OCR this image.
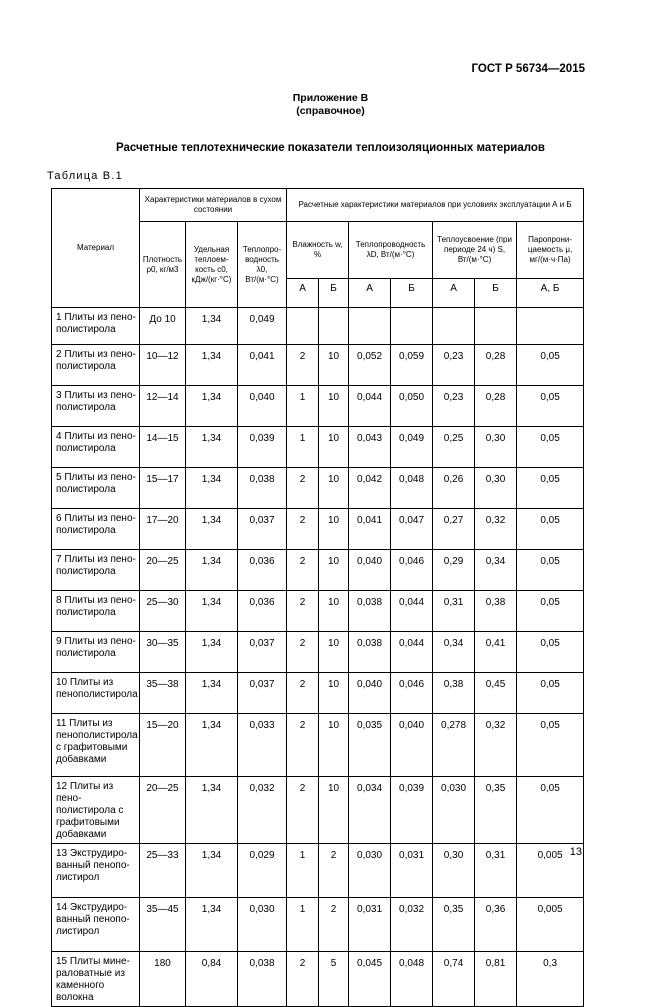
ГОСТ Р 56734—2015
Приложение В
(справочное)
Расчетные теплотехнические показатели теплоизоляционных материалов
Таблица В.1
Материал	Характеристики материалов в сухом состоянии			Расчетные характеристики материалов при условиях эксплуатации А и Б						
	Плотность ρ0, кг/м3	Удельная теплоемкость c0, кДж/(кг·°С)	Теплопроводность λ0, Вт/(м·°С)	Влажность w, %		Теплопроводность λD, Вт/(м·°С)		Теплоусвоение (при периоде 24 ч) S, Вт/(м·°С)		Паропроницаемость μ, мг/(м·ч·Па)
				А	Б	А	Б	А	Б	А, Б
1 Плиты из пенополистирола	До 10	1,34	0,049							
2 Плиты из пенополистирола	10—12	1,34	0,041	2	10	0,052	0,059	0,23	0,28	0,05
3 Плиты из пенополистирола	12—14	1,34	0,040	1	10	0,044	0,050	0,23	0,28	0,05
4 Плиты из пенополистирола	14—15	1,34	0,039	1	10	0,043	0,049	0,25	0,30	0,05
5 Плиты из пенополистирола	15—17	1,34	0,038	2	10	0,042	0,048	0,26	0,30	0,05
6 Плиты из пенополистирола	17—20	1,34	0,037	2	10	0,041	0,047	0,27	0,32	0,05
7 Плиты из пенополистирола	20—25	1,34	0,036	2	10	0,040	0,046	0,29	0,34	0,05
8 Плиты из пенополистирола	25—30	1,34	0,036	2	10	0,038	0,044	0,31	0,38	0,05
9 Плиты из пенополистирола	30—35	1,34	0,037	2	10	0,038	0,044	0,34	0,41	0,05
10 Плиты из пенополистирола	35—38	1,34	0,037	2	10	0,040	0,046	0,38	0,45	0,05
11 Плиты из пенополистирола с графитовыми добавками	15—20	1,34	0,033	2	10	0,035	0,040	0,278	0,32	0,05
12 Плиты из пенополистирола с графитовыми добавками	20—25	1,34	0,032	2	10	0,034	0,039	0,030	0,35	0,05
13 Экструдированный пенополистирол	25—33	1,34	0,029	1	2	0,030	0,031	0,30	0,31	0,005
14 Экструдированный пенополистирол	35—45	1,34	0,030	1	2	0,031	0,032	0,35	0,36	0,005
15 Плиты минераловатные из каменного волокна	180	0,84	0,038	2	5	0,045	0,048	0,74	0,81	0,3
13
